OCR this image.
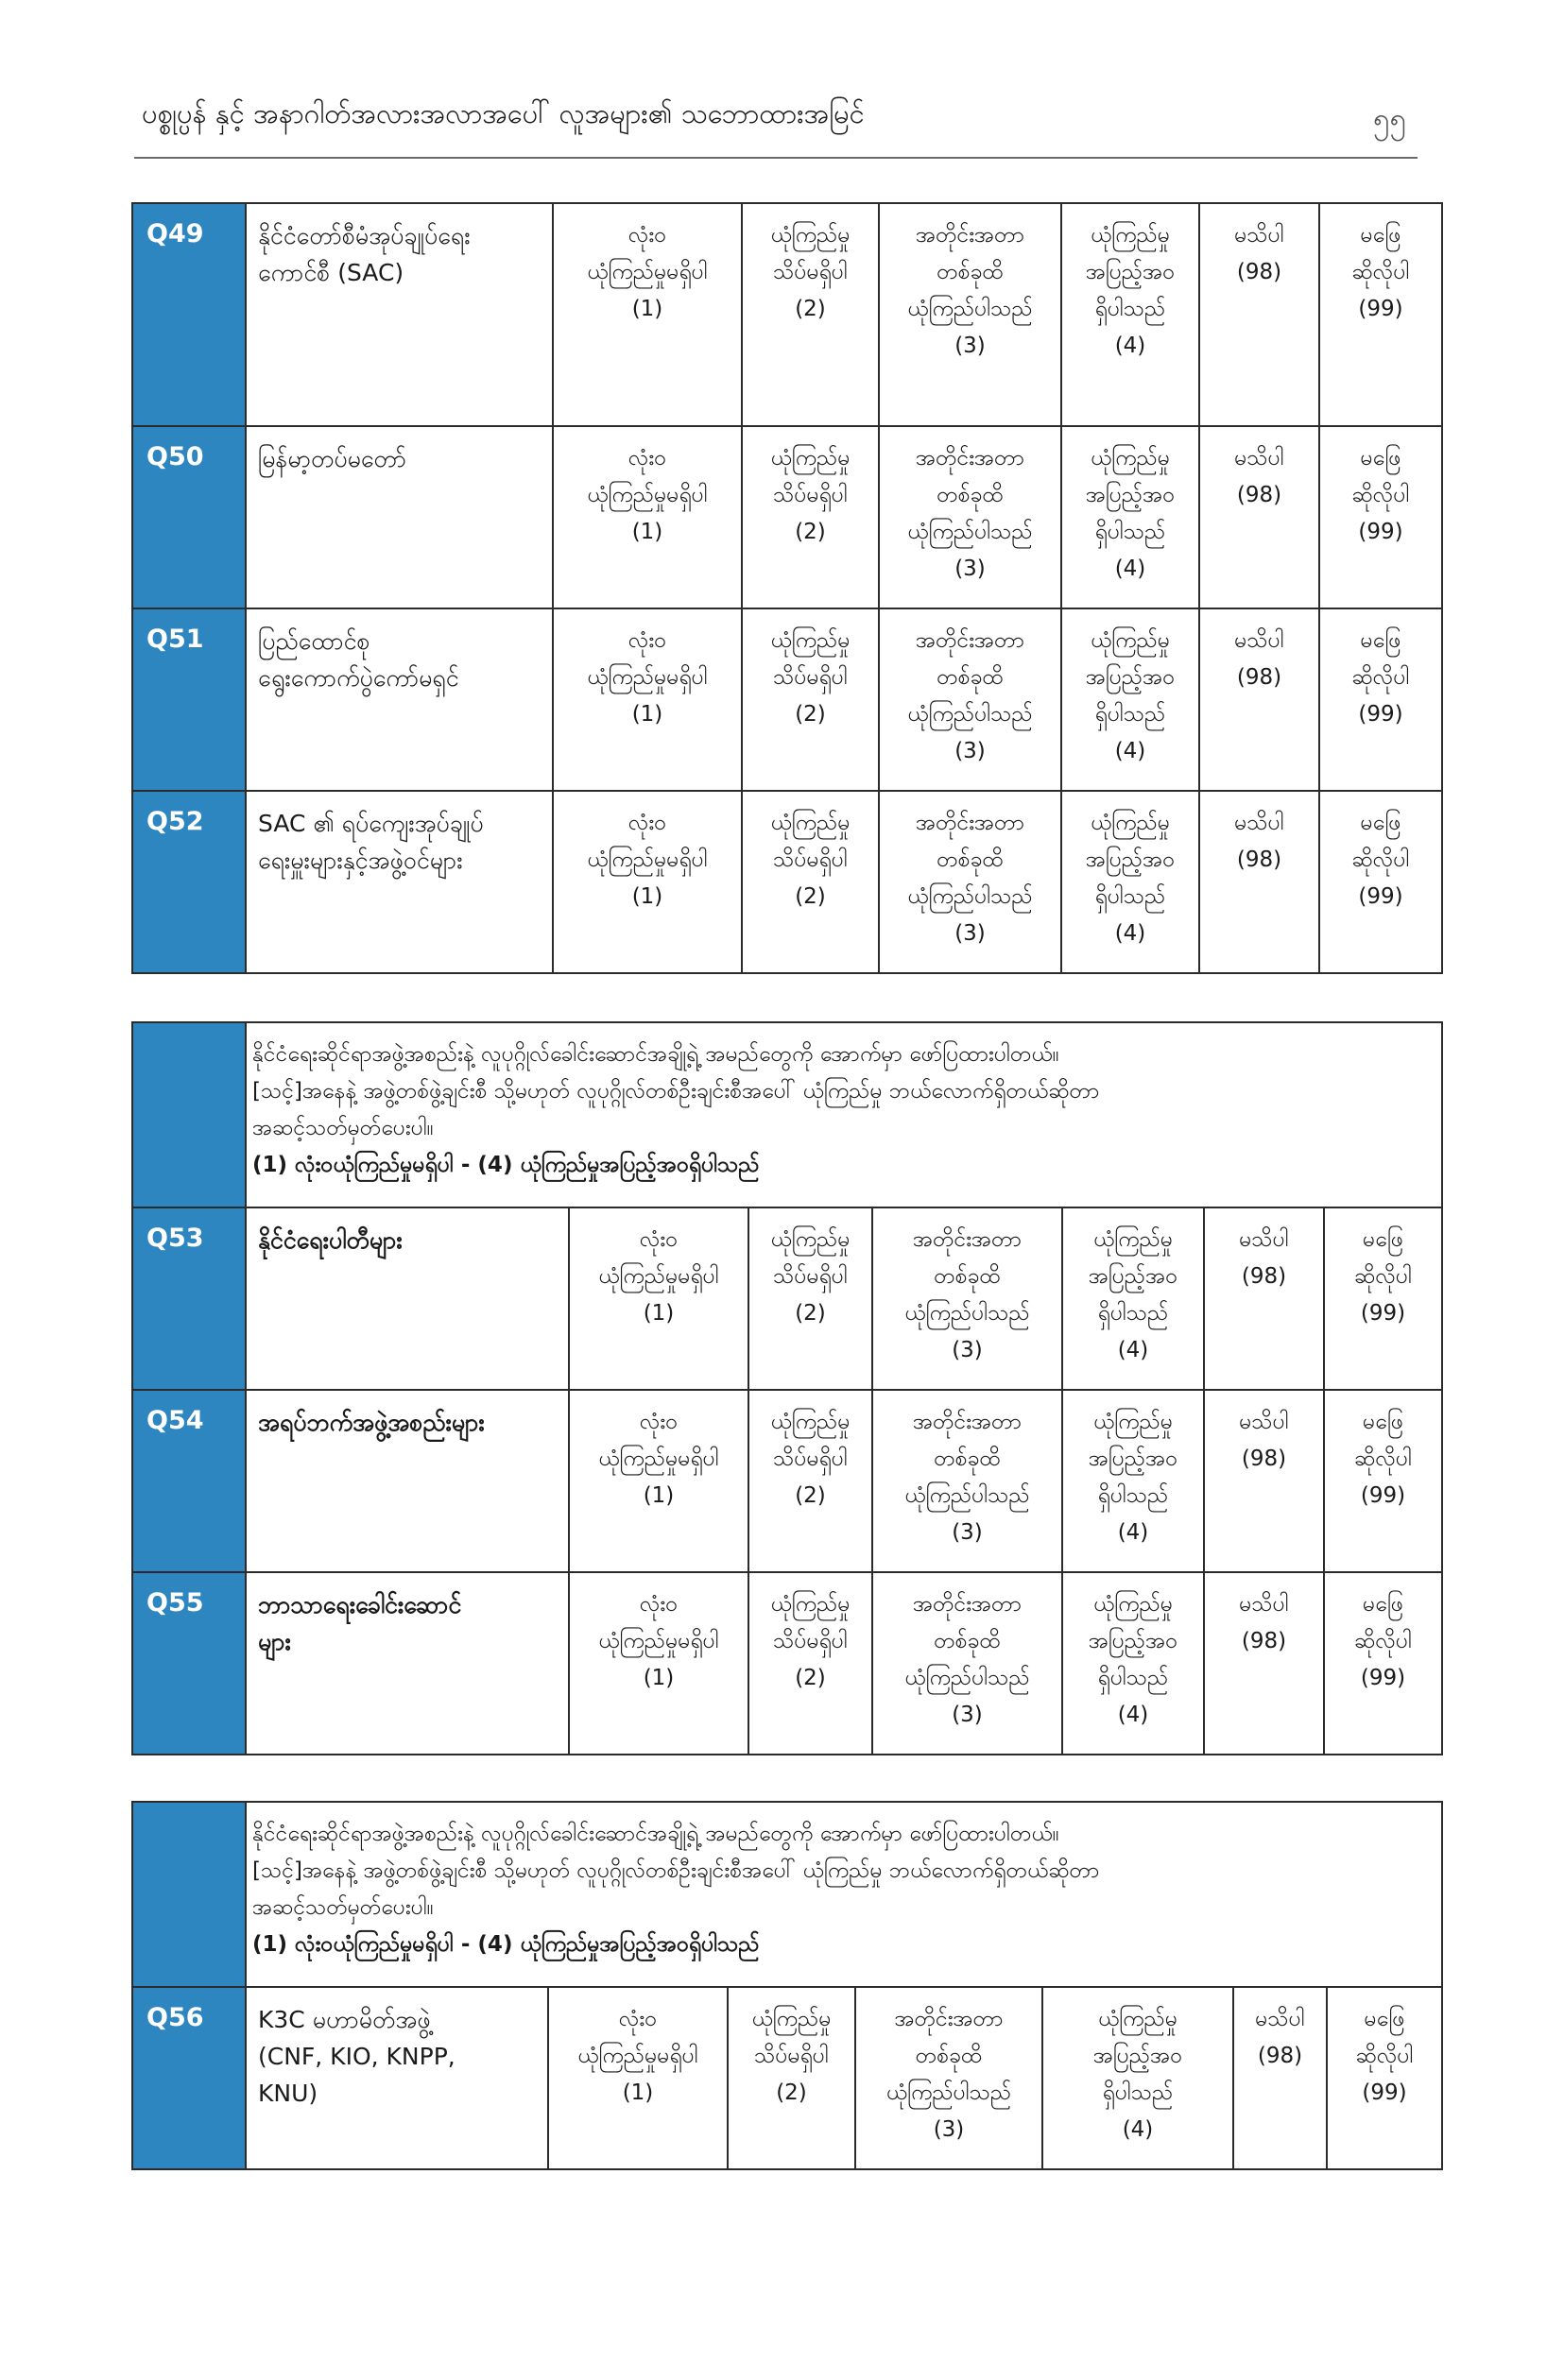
ပစ္စုပ္ပန် နှင့် အနာဂါတ်အလားအလာအပေါ် လူအများ၏ သဘောထားအမြင်	၅၅
Q49	နိုင်ငံတော်စီမံအုပ်ချုပ်ရေး
ကောင်စီ (SAC)	လုံးဝ
ယုံကြည်မှုမရှိပါ
(1)	ယုံကြည်မှု
သိပ်မရှိပါ
(2)	အတိုင်းအတာ
တစ်ခုထိ
ယုံကြည်ပါသည်
(3)	ယုံကြည်မှု
အပြည့်အဝ
ရှိပါသည်
(4)	မသိပါ
(98)	မဖြေ
ဆိုလိုပါ
(99)

Q50	မြန်မာ့တပ်မတော်	လုံးဝ
ယုံကြည်မှုမရှိပါ
(1)	ယုံကြည်မှု
သိပ်မရှိပါ
(2)	အတိုင်းအတာ
တစ်ခုထိ
ယုံကြည်ပါသည်
(3)	ယုံကြည်မှု
အပြည့်အဝ
ရှိပါသည်
(4)	မသိပါ
(98)	မဖြေ
ဆိုလိုပါ
(99)

Q51	ပြည်ထောင်စု
ရွေးကောက်ပွဲကော်မရှင်	လုံးဝ
ယုံကြည်မှုမရှိပါ
(1)	ယုံကြည်မှု
သိပ်မရှိပါ
(2)	အတိုင်းအတာ
တစ်ခုထိ
ယုံကြည်ပါသည်
(3)	ယုံကြည်မှု
အပြည့်အဝ
ရှိပါသည်
(4)	မသိပါ
(98)	မဖြေ
ဆိုလိုပါ
(99)

Q52	SAC ၏ ရပ်ကျေးအုပ်ချုပ်
ရေးမှူးများနှင့်အဖွဲ့ဝင်များ	လုံးဝ
ယုံကြည်မှုမရှိပါ
(1)	ယုံကြည်မှု
သိပ်မရှိပါ
(2)	အတိုင်းအတာ
တစ်ခုထိ
ယုံကြည်ပါသည်
(3)	ယုံကြည်မှု
အပြည့်အဝ
ရှိပါသည်
(4)	မသိပါ
(98)	မဖြေ
ဆိုလိုပါ
(99)

	နိုင်ငံရေးဆိုင်ရာအဖွဲ့အစည်းနဲ့ လူပုဂ္ဂိုလ်ခေါင်းဆောင်အချို့ရဲ့ အမည်တွေကို အောက်မှာ ဖော်ပြထားပါတယ်။
[သင့်]အနေနဲ့ အဖွဲ့တစ်ဖွဲ့ချင်းစီ သို့မဟုတ် လူပုဂ္ဂိုလ်တစ်ဦးချင်းစီအပေါ် ယုံကြည်မှု ဘယ်လောက်ရှိတယ်ဆိုတာ
အဆင့်သတ်မှတ်ပေးပါ။
(1) လုံးဝယုံကြည်မှုမရှိပါ - (4) ယုံကြည်မှုအပြည့်အဝရှိပါသည်						

Q53	နိုင်ငံရေးပါတီများ	လုံးဝ
ယုံကြည်မှုမရှိပါ
(1)	ယုံကြည်မှု
သိပ်မရှိပါ
(2)	အတိုင်းအတာ
တစ်ခုထိ
ယုံကြည်ပါသည်
(3)	ယုံကြည်မှု
အပြည့်အဝ
ရှိပါသည်
(4)	မသိပါ
(98)	မဖြေ
ဆိုလိုပါ
(99)

Q54	အရပ်ဘက်အဖွဲ့အစည်းများ	လုံးဝ
ယုံကြည်မှုမရှိပါ
(1)	ယုံကြည်မှု
သိပ်မရှိပါ
(2)	အတိုင်းအတာ
တစ်ခုထိ
ယုံကြည်ပါသည်
(3)	ယုံကြည်မှု
အပြည့်အဝ
ရှိပါသည်
(4)	မသိပါ
(98)	မဖြေ
ဆိုလိုပါ
(99)

Q55	ဘာသာရေးခေါင်းဆောင်
များ	လုံးဝ
ယုံကြည်မှုမရှိပါ
(1)	ယုံကြည်မှု
သိပ်မရှိပါ
(2)	အတိုင်းအတာ
တစ်ခုထိ
ယုံကြည်ပါသည်
(3)	ယုံကြည်မှု
အပြည့်အဝ
ရှိပါသည်
(4)	မသိပါ
(98)	မဖြေ
ဆိုလိုပါ
(99)

	နိုင်ငံရေးဆိုင်ရာအဖွဲ့အစည်းနဲ့ လူပုဂ္ဂိုလ်ခေါင်းဆောင်အချို့ရဲ့ အမည်တွေကို အောက်မှာ ဖော်ပြထားပါတယ်။
[သင့်]အနေနဲ့ အဖွဲ့တစ်ဖွဲ့ချင်းစီ သို့မဟုတ် လူပုဂ္ဂိုလ်တစ်ဦးချင်းစီအပေါ် ယုံကြည်မှု ဘယ်လောက်ရှိတယ်ဆိုတာ
အဆင့်သတ်မှတ်ပေးပါ။
(1) လုံးဝယုံကြည်မှုမရှိပါ - (4) ယုံကြည်မှုအပြည့်အဝရှိပါသည်						

Q56	K3C မဟာမိတ်အဖွဲ့
(CNF, KIO, KNPP,
KNU)	လုံးဝ
ယုံကြည်မှုမရှိပါ
(1)	ယုံကြည်မှု
သိပ်မရှိပါ
(2)	အတိုင်းအတာ
တစ်ခုထိ
ယုံကြည်ပါသည်
(3)	ယုံကြည်မှု
အပြည့်အဝ
ရှိပါသည်
(4)	မသိပါ
(98)	မဖြေ
ဆိုလိုပါ
(99)
